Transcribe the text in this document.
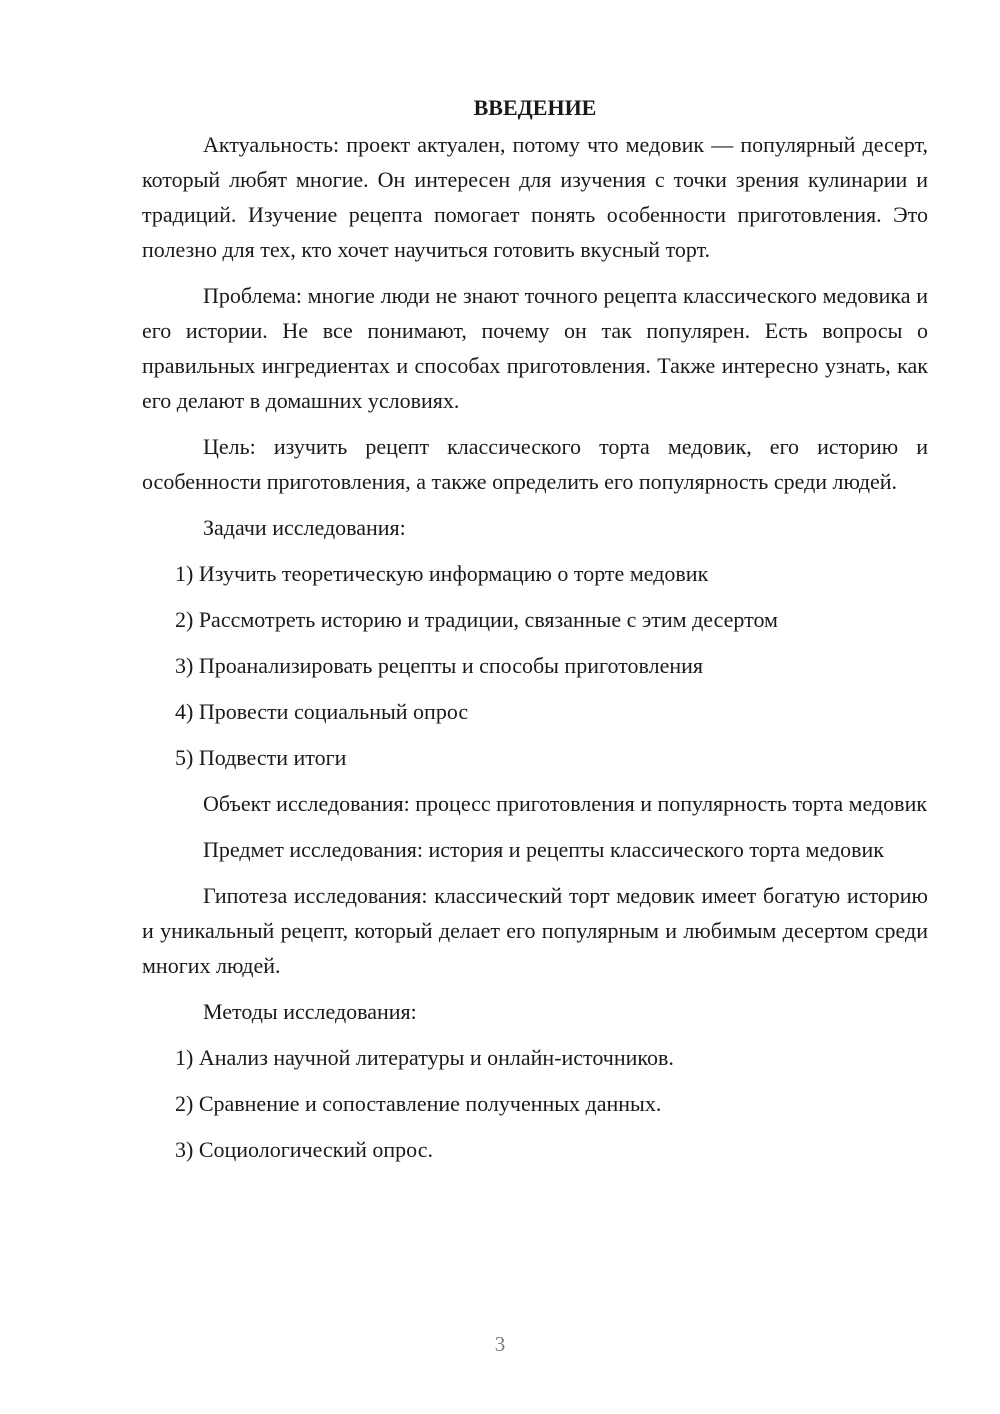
ВВЕДЕНИЕ

Актуальность: проект актуален, потому что медовик — популярный десерт, который любят многие. Он интересен для изучения с точки зрения кулинарии и традиций. Изучение рецепта помогает понять особенности приготовления. Это полезно для тех, кто хочет научиться готовить вкусный торт.

Проблема: многие люди не знают точного рецепта классического медовика и его истории. Не все понимают, почему он так популярен. Есть вопросы о правильных ингредиентах и способах приготовления. Также интересно узнать, как его делают в домашних условиях.

Цель: изучить рецепт классического торта медовик, его историю и особенности приготовления, а также определить его популярность среди людей.

Задачи исследования:
1) Изучить теоретическую информацию о торте медовик
2) Рассмотреть историю и традиции, связанные с этим десертом
3) Проанализировать рецепты и способы приготовления
4) Провести социальный опрос
5) Подвести итоги

Объект исследования: процесс приготовления и популярность торта медовик

Предмет исследования: история и рецепты классического торта медовик

Гипотеза исследования: классический торт медовик имеет богатую историю и уникальный рецепт, который делает его популярным и любимым десертом среди многих людей.

Методы исследования:
1) Анализ научной литературы и онлайн-источников.
2) Сравнение и сопоставление полученных данных.
3) Социологический опрос.
3
